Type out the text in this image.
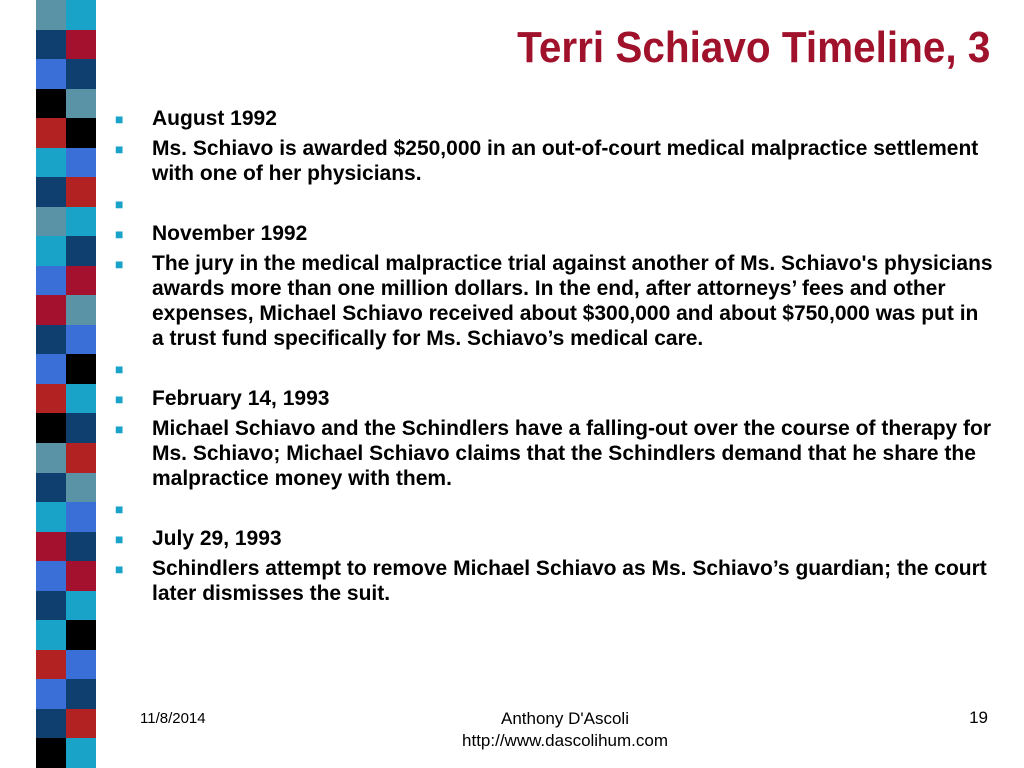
Terri Schiavo Timeline, 3
■ August 1992
■ Ms. Schiavo is awarded $250,000 in an out-of-court medical malpractice settlement with one of her physicians.
■
■ November 1992
■ The jury in the medical malpractice trial against another of Ms. Schiavo's physicians awards more than one million dollars. In the end, after attorneys’ fees and other expenses, Michael Schiavo received about $300,000 and about $750,000 was put in a trust fund specifically for Ms. Schiavo’s medical care.
■
■ February 14, 1993
■ Michael Schiavo and the Schindlers have a falling-out over the course of therapy for Ms. Schiavo; Michael Schiavo claims that the Schindlers demand that he share the malpractice money with them.
■
■ July 29, 1993
■ Schindlers attempt to remove Michael Schiavo as Ms. Schiavo’s guardian; the court later dismisses the suit.
11/8/2014	Anthony D'Ascoli
http://www.dascolihum.com
19
